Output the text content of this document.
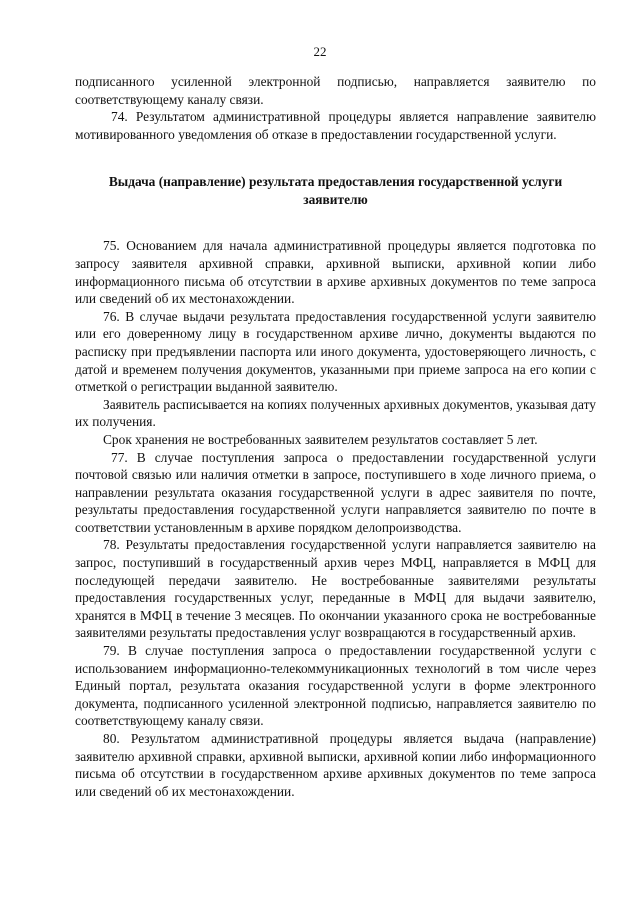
22

подписанного усиленной электронной подписью, направляется заявителю по соответствующему каналу связи.

74. Результатом административной процедуры является направление заявителю мотивированного уведомления об отказе в предоставлении государственной услуги.

Выдача (направление) результата предоставления государственной услуги заявителю

75. Основанием для начала административной процедуры является подготовка по запросу заявителя архивной справки, архивной выписки, архивной копии либо информационного письма об отсутствии в архиве архивных документов по теме запроса или сведений об их местонахождении.

76. В случае выдачи результата предоставления государственной услуги заявителю или его доверенному лицу в государственном архиве лично, документы выдаются по расписку при предъявлении паспорта или иного документа, удостоверяющего личность, с датой и временем получения документов, указанными при приеме запроса на его копии с отметкой о регистрации выданной заявителю.

Заявитель расписывается на копиях полученных архивных документов, указывая дату их получения.

Срок хранения не востребованных заявителем результатов составляет 5 лет.

77. В случае поступления запроса о предоставлении государственной услуги почтовой связью или наличия отметки в запросе, поступившего в ходе личного приема, о направлении результата оказания государственной услуги в адрес заявителя по почте, результаты предоставления государственной услуги направляется заявителю по почте в соответствии установленным в архиве порядком делопроизводства.

78. Результаты предоставления государственной услуги направляется заявителю на запрос, поступивший в государственный архив через МФЦ, направляется в МФЦ для последующей передачи заявителю. Не востребованные заявителями результаты предоставления государственных услуг, переданные в МФЦ для выдачи заявителю, хранятся в МФЦ в течение 3 месяцев. По окончании указанного срока не востребованные заявителями результаты предоставления услуг возвращаются в государственный архив.

79. В случае поступления запроса о предоставлении государственной услуги с использованием информационно-телекоммуникационных технологий в том числе через Единый портал, результата оказания государственной услуги в форме электронного документа, подписанного усиленной электронной подписью, направляется заявителю по соответствующему каналу связи.

80. Результатом административной процедуры является выдача (направление) заявителю архивной справки, архивной выписки, архивной копии либо информационного письма об отсутствии в государственном архиве архивных документов по теме запроса или сведений об их местонахождении.
